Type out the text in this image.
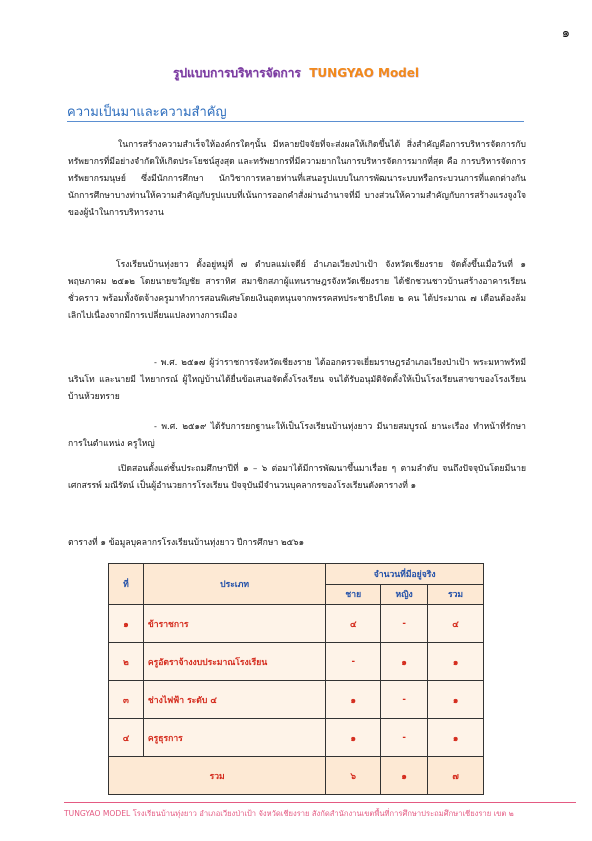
๑
รูปแบบการบริหารจัดการ TUNGYAO Model
ความเป็นมาและความสำคัญ

ในการสร้างความสำเร็จให้องค์กรใดๆนั้น มีหลายปัจจัยที่จะส่งผลให้เกิดขึ้นได้ สิ่งสำคัญคือการบริหารจัดการกับทรัพยากรที่มีอย่างจำกัดให้เกิดประโยชน์สูงสุด และทรัพยากรที่มีความยากในการบริหารจัดการมากที่สุด คือ การบริหารจัดการทรัพยากรมนุษย์ ซึ่งมีนักการศึกษา นักวิชาการหลายท่านที่เสนอรูปแบบในการพัฒนาระบบหรือกระบวนการที่แตกต่างกัน นักการศึกษาบางท่านให้ความสำคัญกับรูปแบบที่เน้นการออกคำสั่งผ่านอำนาจที่มี บางส่วนให้ความสำคัญกับการสร้างแรงจูงใจของผู้นำในการบริหารงาน

โรงเรียนบ้านทุ่งยาว ตั้งอยู่หมู่ที่ ๗ ตำบลแม่เจดีย์ อำเภอเวียงป่าเป้า จังหวัดเชียงราย จัดตั้งขึ้นเมื่อวันที่ ๑ พฤษภาคม ๒๕๑๒ โดยนายขวัญชัย สาราทิศ สมาชิกสภาผู้แทนราษฎรจังหวัดเชียงราย ได้ชักชวนชาวบ้านสร้างอาคารเรียนชั่วคราว พร้อมทั้งจัดจ้างครูมาทำการสอนพิเศษโดยเงินอุดหนุนจากพรรคสหประชาธิปไตย ๒ คน ได้ประมาณ ๗ เดือนต้องล้มเลิกไปเนื่องจากมีการเปลี่ยนแปลงทางการเมือง

- พ.ศ. ๒๕๑๗ ผู้ว่าราชการจังหวัดเชียงราย ได้ออกตรวจเยี่ยมราษฎรอำเภอเวียงป่าเป้า พระมหาพรัหมี นรินโท และนายมี ไหยากรณ์ ผู้ใหญ่บ้านได้ยื่นข้อเสนอจัดตั้งโรงเรียน จนได้รับอนุมัติจัดตั้งให้เป็นโรงเรียนสาขาของโรงเรียนบ้านห้วยทราย

- พ.ศ. ๒๕๑๙ ได้รับการยกฐานะให้เป็นโรงเรียนบ้านทุ่งยาว มีนายสมบูรณ์ ยานะเรือง ทำหน้าที่รักษาการในตำแหน่ง ครูใหญ่

เปิดสอนตั้งแต่ชั้นประถมศึกษาปีที่ ๑ – ๖ ต่อมาได้มีการพัฒนาขึ้นมาเรื่อย ๆ ตามลำดับ จนถึงปัจจุบันโดยมีนายเศกสรรพ์ มณีรัตน์ เป็นผู้อำนวยการโรงเรียน ปัจจุบันมีจำนวนบุคลากรของโรงเรียนดังตารางที่ ๑

ตารางที่ ๑ ข้อมูลบุคลากรโรงเรียนบ้านทุ่งยาว ปีการศึกษา ๒๕๖๑
ที่	ประเภท	จำนวนที่มีอยู่จริง		
		ชาย	หญิง	รวม
๑	ข้าราชการ	๔	-	๔
๒	ครูอัตราจ้างงบประมาณโรงเรียน	-	๑	๑
๓	ช่างไฟฟ้า ระดับ ๔	๑	-	๑
๔	ครูธุรการ	๑	-	๑
รวม		๖	๑	๗
TUNGYAO MODEL โรงเรียนบ้านทุ่งยาว อำเภอเวียงป่าเป้า จังหวัดเชียงราย สังกัดสำนักงานเขตพื้นที่การศึกษาประถมศึกษาเชียงราย เขต ๒
